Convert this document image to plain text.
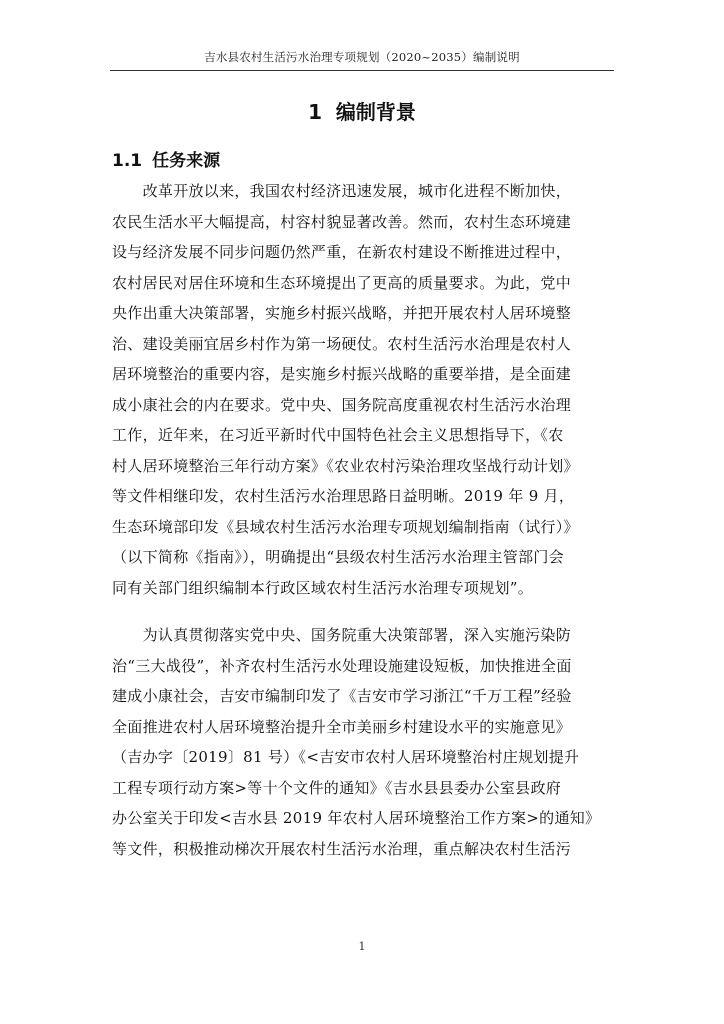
吉水县农村生活污水治理专项规划（2020~2035）编制说明
1 编制背景
1.1 任务来源
　　改革开放以来，我国农村经济迅速发展，城市化进程不断加快，
农民生活水平大幅提高，村容村貌显著改善。然而，农村生态环境建
设与经济发展不同步问题仍然严重，在新农村建设不断推进过程中，
农村居民对居住环境和生态环境提出了更高的质量要求。为此，党中
央作出重大决策部署，实施乡村振兴战略，并把开展农村人居环境整
治、建设美丽宜居乡村作为第一场硬仗。农村生活污水治理是农村人
居环境整治的重要内容，是实施乡村振兴战略的重要举措，是全面建
成小康社会的内在要求。党中央、国务院高度重视农村生活污水治理
工作，近年来，在习近平新时代中国特色社会主义思想指导下，《农
村人居环境整治三年行动方案》《农业农村污染治理攻坚战行动计划》
等文件相继印发，农村生活污水治理思路日益明晰。2019 年 9 月，
生态环境部印发《县域农村生活污水治理专项规划编制指南（试行）》
（以下简称《指南》），明确提出“县级农村生活污水治理主管部门会
同有关部门组织编制本行政区域农村生活污水治理专项规划”。
　　为认真贯彻落实党中央、国务院重大决策部署，深入实施污染防
治“三大战役”，补齐农村生活污水处理设施建设短板，加快推进全面
建成小康社会，吉安市编制印发了《吉安市学习浙江“千万工程”经验
全面推进农村人居环境整治提升全市美丽乡村建设水平的实施意见》
（吉办字〔2019〕81 号）《<吉安市农村人居环境整治村庄规划提升
工程专项行动方案>等十个文件的通知》《吉水县县委办公室县政府
办公室关于印发<吉水县 2019 年农村人居环境整治工作方案>的通知》
等文件，积极推动梯次开展农村生活污水治理，重点解决农村生活污
1
